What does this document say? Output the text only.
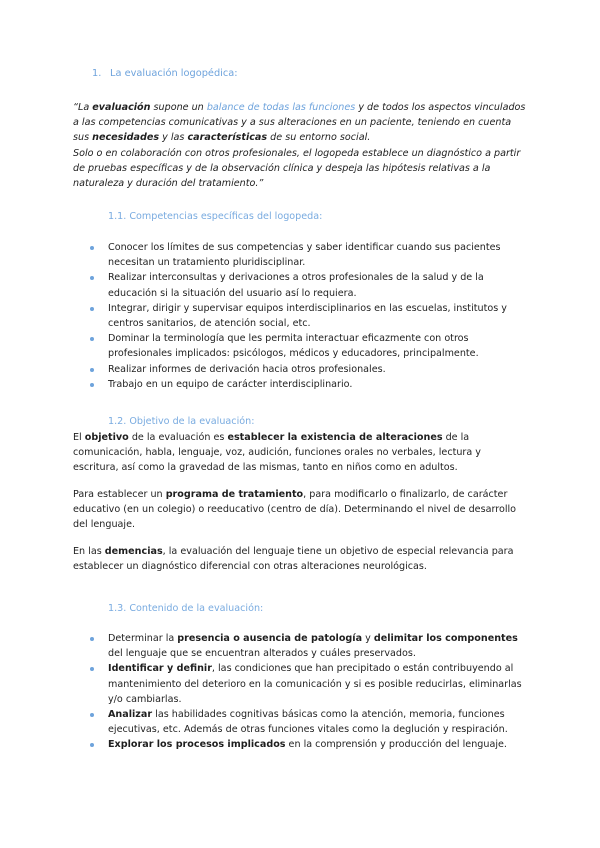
1. La evaluación logopédica:

“La evaluación supone un balance de todas las funciones y de todos los aspectos vinculados a las competencias comunicativas y a sus alteraciones en un paciente, teniendo en cuenta sus necesidades y las características de su entorno social.
Solo o en colaboración con otros profesionales, el logopeda establece un diagnóstico a partir de pruebas específicas y de la observación clínica y despeja las hipótesis relativas a la naturaleza y duración del tratamiento.”

1.1. Competencias específicas del logopeda:
Conocer los límites de sus competencias y saber identificar cuando sus pacientes necesitan un tratamiento pluridisciplinar.
Realizar interconsultas y derivaciones a otros profesionales de la salud y de la educación si la situación del usuario así lo requiera.
Integrar, dirigir y supervisar equipos interdisciplinarios en las escuelas, institutos y centros sanitarios, de atención social, etc.
Dominar la terminología que les permita interactuar eficazmente con otros profesionales implicados: psicólogos, médicos y educadores, principalmente.
Realizar informes de derivación hacia otros profesionales.
Trabajo en un equipo de carácter interdisciplinario.
1.2. Objetivo de la evaluación:

El objetivo de la evaluación es establecer la existencia de alteraciones de la comunicación, habla, lenguaje, voz, audición, funciones orales no verbales, lectura y escritura, así como la gravedad de las mismas, tanto en niños como en adultos.

Para establecer un programa de tratamiento, para modificarlo o finalizarlo, de carácter educativo (en un colegio) o reeducativo (centro de día). Determinando el nivel de desarrollo del lenguaje.

En las demencias, la evaluación del lenguaje tiene un objetivo de especial relevancia para establecer un diagnóstico diferencial con otras alteraciones neurológicas.

1.3. Contenido de la evaluación:
Determinar la presencia o ausencia de patología y delimitar los componentes del lenguaje que se encuentran alterados y cuáles preservados.
Identificar y definir, las condiciones que han precipitado o están contribuyendo al mantenimiento del deterioro en la comunicación y si es posible reducirlas, eliminarlas y/o cambiarlas.
Analizar las habilidades cognitivas básicas como la atención, memoria, funciones ejecutivas, etc. Además de otras funciones vitales como la deglución y respiración.
Explorar los procesos implicados en la comprensión y producción del lenguaje.
